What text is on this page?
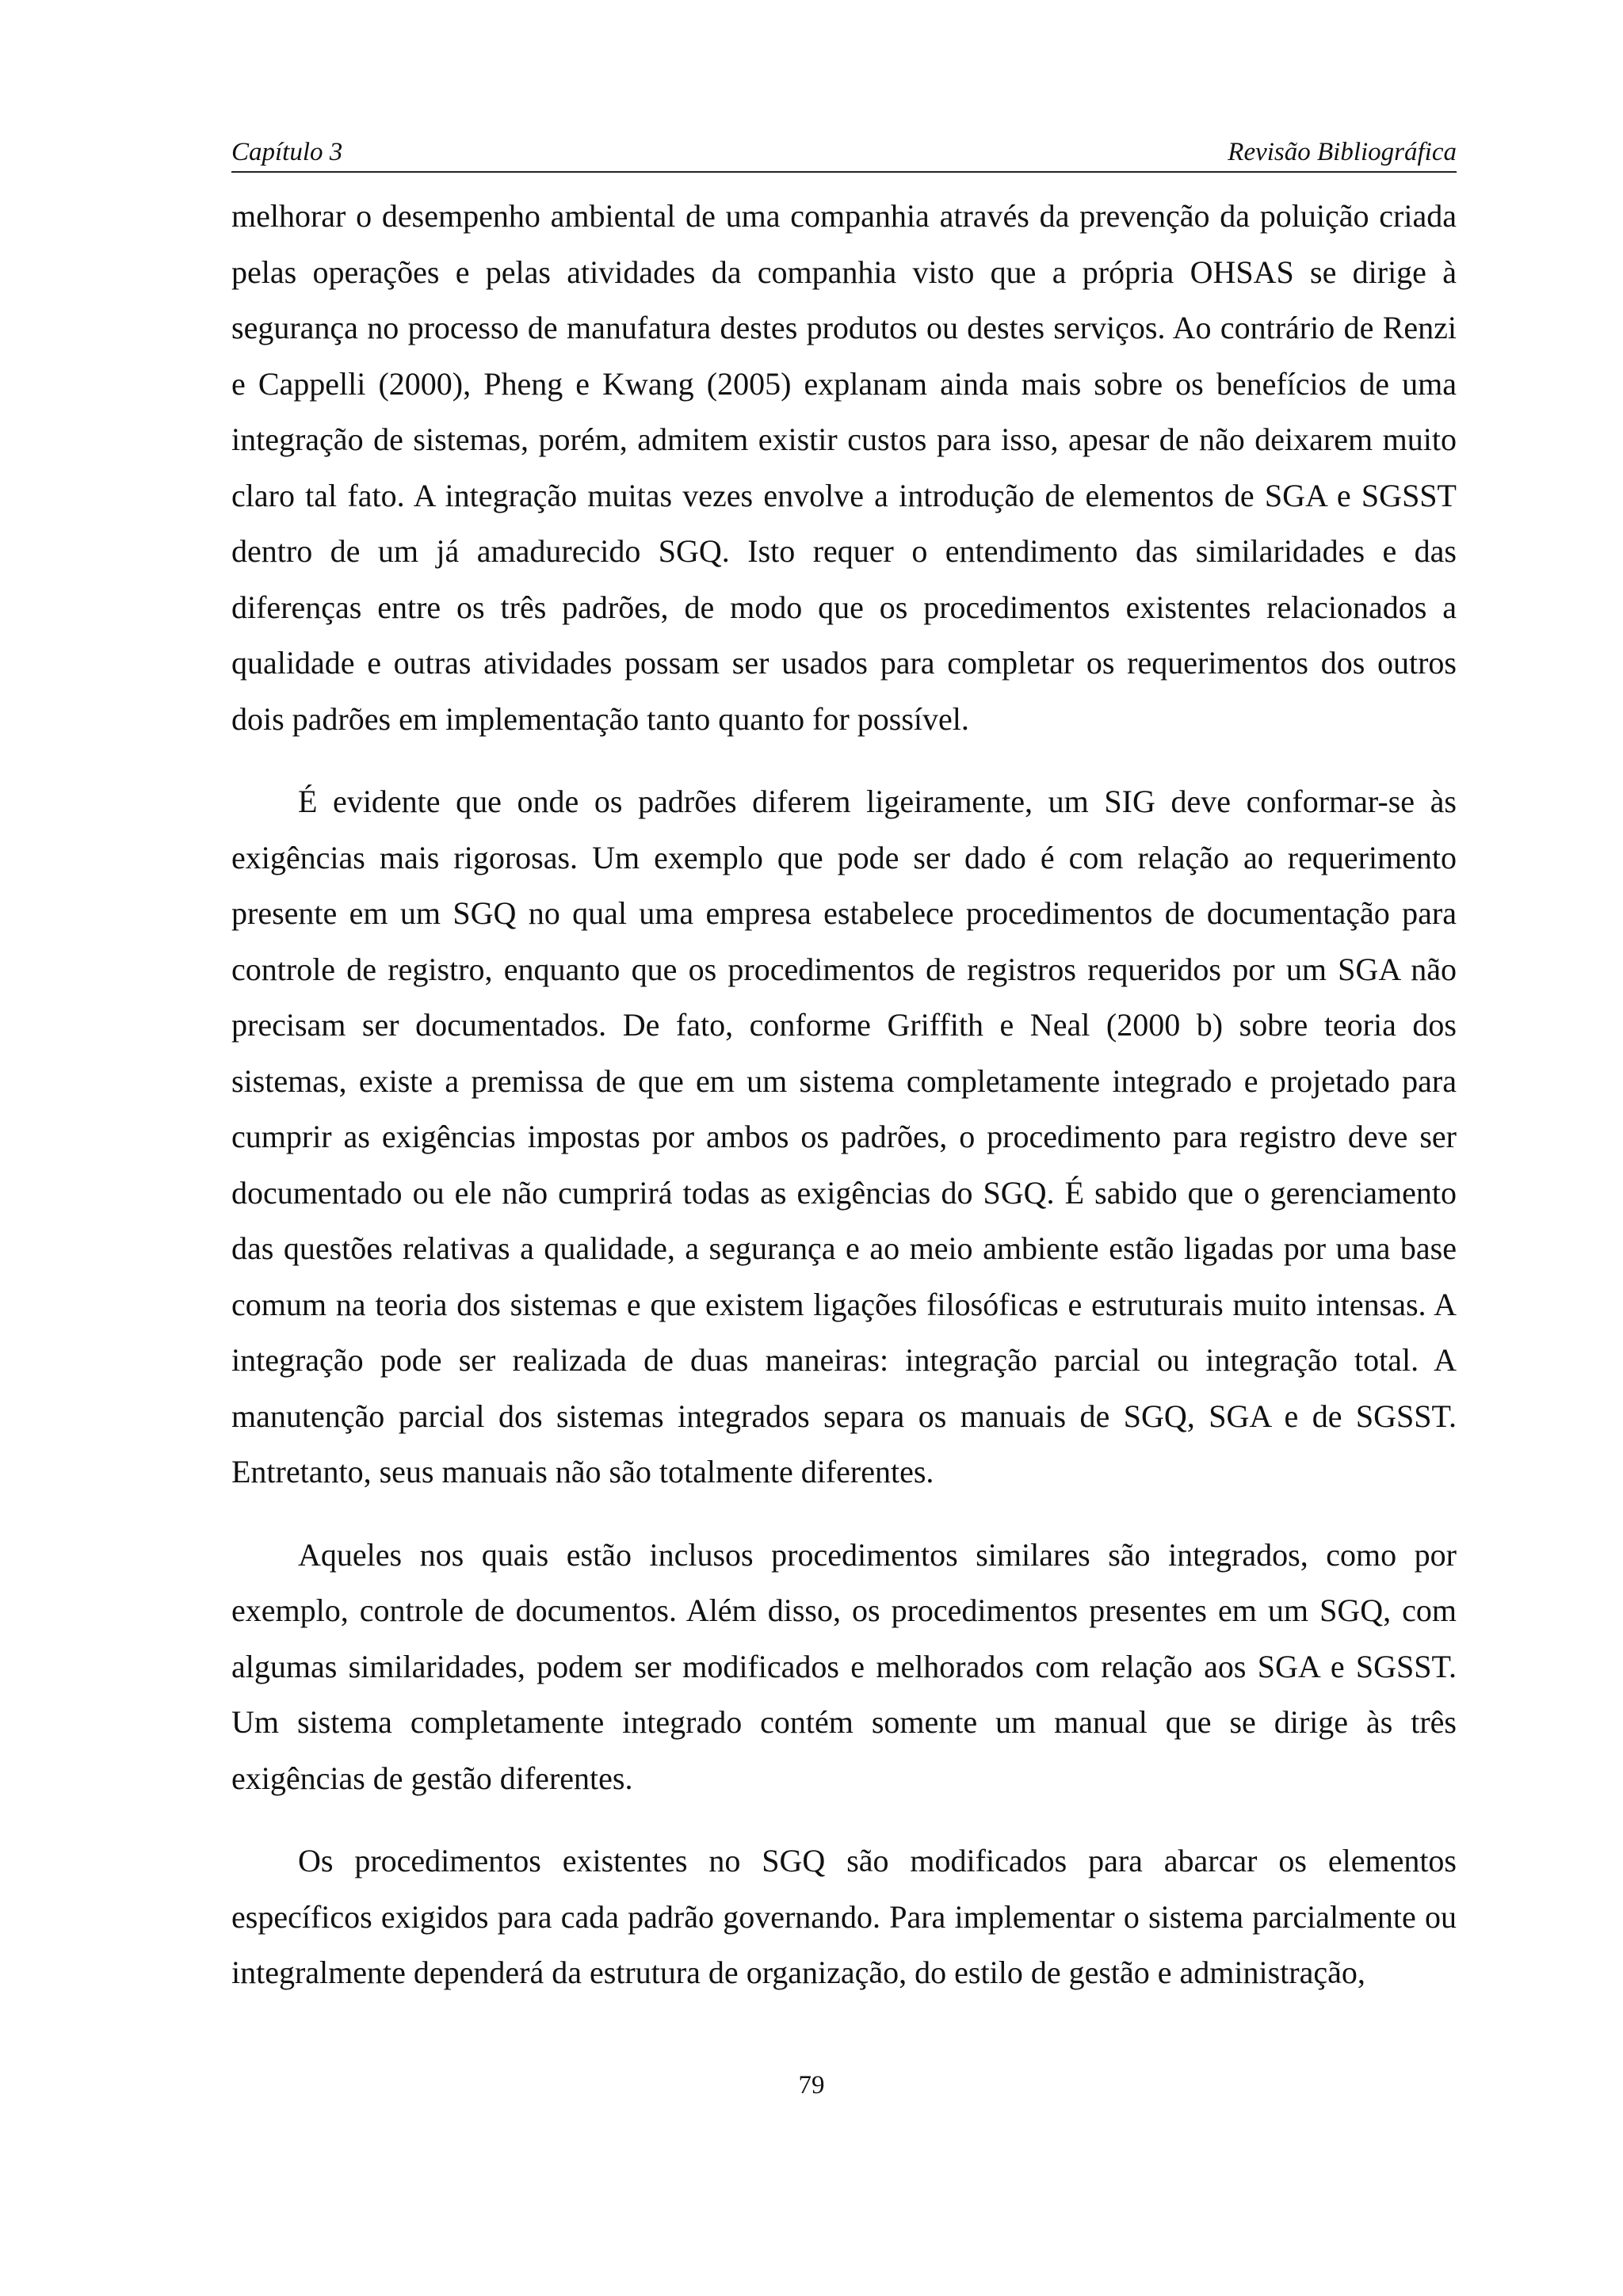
Capítulo 3	Revisão Bibliográfica

melhorar o desempenho ambiental de uma companhia através da prevenção da poluição criada pelas operações e pelas atividades da companhia visto que a própria OHSAS se dirige à segurança no processo de manufatura destes produtos ou destes serviços. Ao contrário de Renzi e Cappelli (2000), Pheng e Kwang (2005) explanam ainda mais sobre os benefícios de uma integração de sistemas, porém, admitem existir custos para isso, apesar de não deixarem muito claro tal fato. A integração muitas vezes envolve a introdução de elementos de SGA e SGSST dentro de um já amadurecido SGQ. Isto requer o entendimento das similaridades e das diferenças entre os três padrões, de modo que os procedimentos existentes relacionados a qualidade e outras atividades possam ser usados para completar os requerimentos dos outros dois padrões em implementação tanto quanto for possível.

É evidente que onde os padrões diferem ligeiramente, um SIG deve conformar-se às exigências mais rigorosas. Um exemplo que pode ser dado é com relação ao requerimento presente em um SGQ no qual uma empresa estabelece procedimentos de documentação para controle de registro, enquanto que os procedimentos de registros requeridos por um SGA não precisam ser documentados. De fato, conforme Griffith e Neal (2000 b) sobre teoria dos sistemas, existe a premissa de que em um sistema completamente integrado e projetado para cumprir as exigências impostas por ambos os padrões, o procedimento para registro deve ser documentado ou ele não cumprirá todas as exigências do SGQ. É sabido que o gerenciamento das questões relativas a qualidade, a segurança e ao meio ambiente estão ligadas por uma base comum na teoria dos sistemas e que existem ligações filosóficas e estruturais muito intensas. A integração pode ser realizada de duas maneiras: integração parcial ou integração total. A manutenção parcial dos sistemas integrados separa os manuais de SGQ, SGA e de SGSST. Entretanto, seus manuais não são totalmente diferentes.

Aqueles nos quais estão inclusos procedimentos similares são integrados, como por exemplo, controle de documentos. Além disso, os procedimentos presentes em um SGQ, com algumas similaridades, podem ser modificados e melhorados com relação aos SGA e SGSST. Um sistema completamente integrado contém somente um manual que se dirige às três exigências de gestão diferentes.

Os procedimentos existentes no SGQ são modificados para abarcar os elementos específicos exigidos para cada padrão governando. Para implementar o sistema parcialmente ou integralmente dependerá da estrutura de organização, do estilo de gestão e administração,

79
